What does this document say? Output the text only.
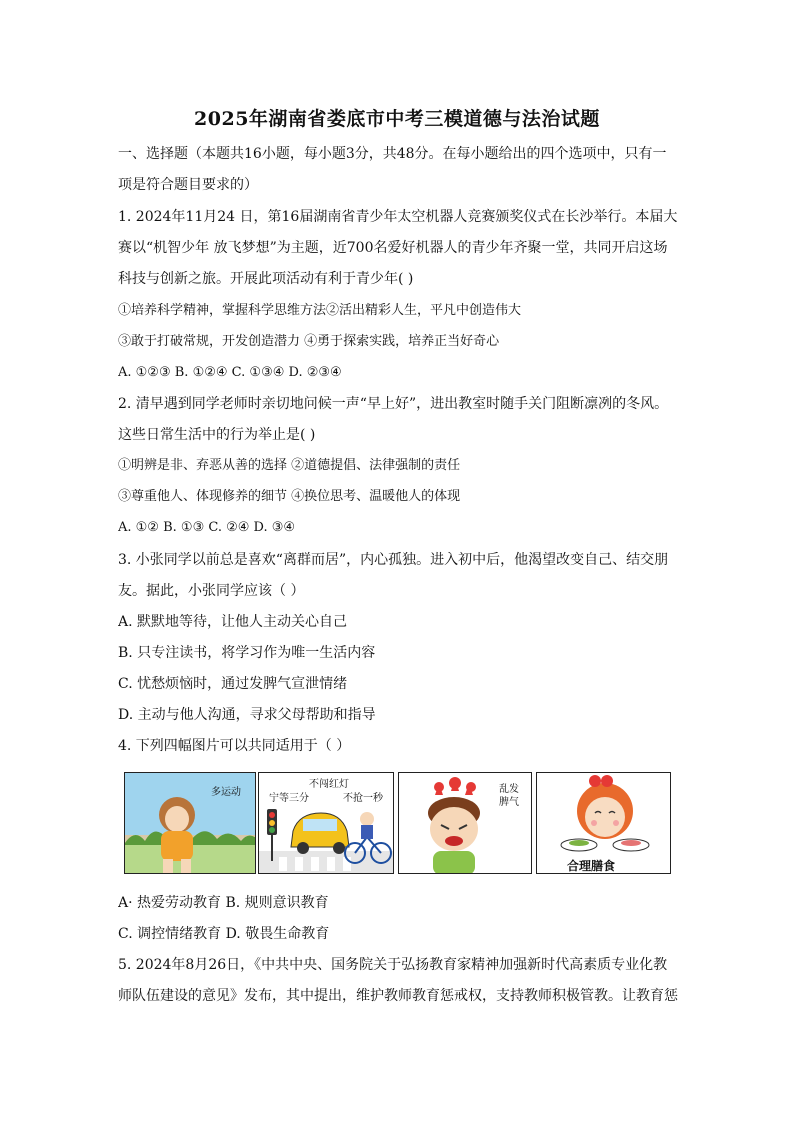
2025年湖南省娄底市中考三模道德与法治试题
一、选择题（本题共16小题，每小题3分，共48分。在每小题给出的四个选项中，只有一
项是符合题目要求的）
1. 2024年11月24 日，第16届湖南省青少年太空机器人竞赛颁奖仪式在长沙举行。本届大
赛以“机智少年 放飞梦想”为主题，近700名爱好机器人的青少年齐聚一堂，共同开启这场
科技与创新之旅。开展此项活动有利于青少年( )
①培养科学精神，掌握科学思维方法②活出精彩人生，平凡中创造伟大
③敢于打破常规，开发创造潜力 ④勇于探索实践，培养正当好奇心
A. ①②③ B. ①②④ C. ①③④ D. ②③④
2. 清早遇到同学老师时亲切地问候一声“早上好”，进出教室时随手关门阻断凛冽的冬风。
这些日常生活中的行为举止是( )
①明辨是非、弃恶从善的选择 ②道德提倡、法律强制的责任
③尊重他人、体现修养的细节 ④换位思考、温暖他人的体现
A. ①② B. ①③ C. ②④ D. ③④
3. 小张同学以前总是喜欢“离群而居”，内心孤独。进入初中后，他渴望改变自己、结交朋
友。据此，小张同学应该（ ）
A. 默默地等待，让他人主动关心自己
B. 只专注读书，将学习作为唯一生活内容
C. 忧愁烦恼时，通过发脾气宣泄情绪
D. 主动与他人沟通，寻求父母帮助和指导
4. 下列四幅图片可以共同适用于（ ）
多运动
不闯红灯
宁等三分	不抢一秒
乱发脾气
合理膳食
A· 热爱劳动教育 B. 规则意识教育
C. 调控情绪教育 D. 敬畏生命教育
5. 2024年8月26日，《中共中央、国务院关于弘扬教育家精神加强新时代高素质专业化教
师队伍建设的意见》发布，其中提出，维护教师教育惩戒权，支持教师积极管教。让教育惩
